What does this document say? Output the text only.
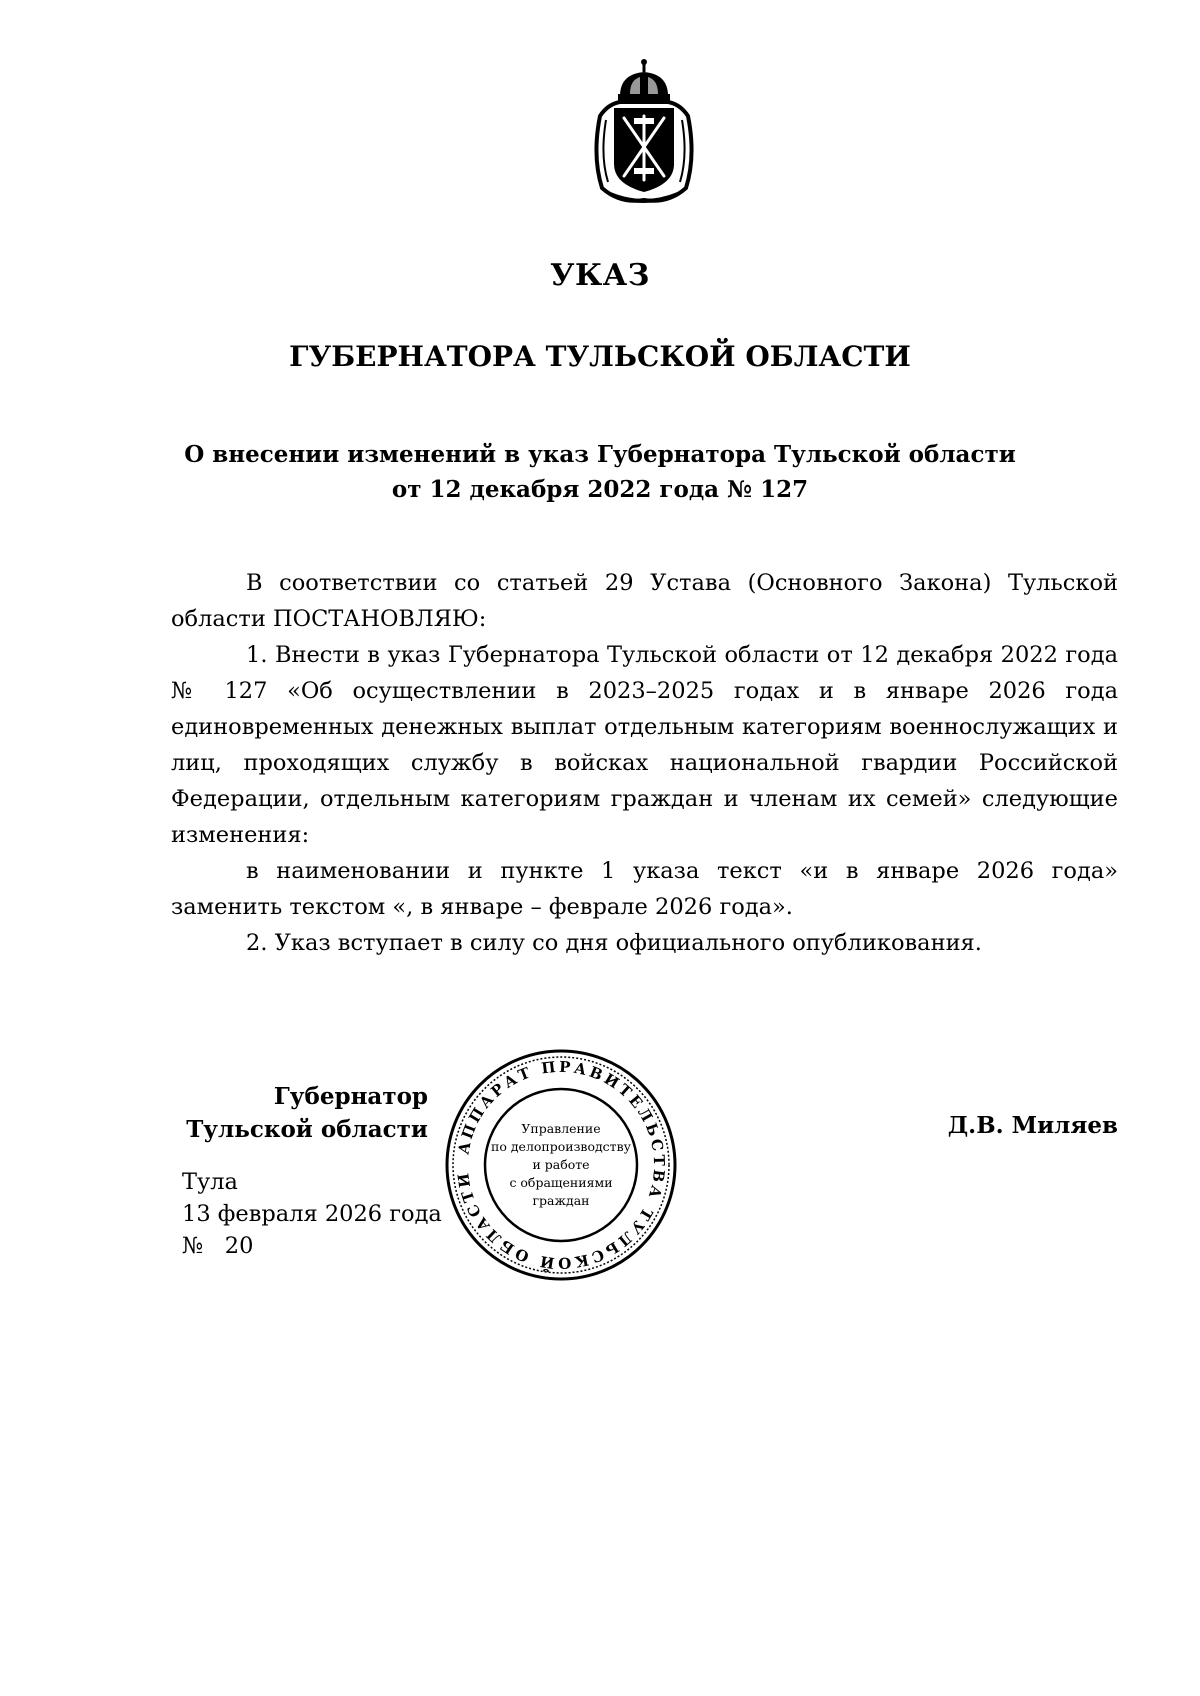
УКАЗ
ГУБЕРНАТОРА ТУЛЬСКОЙ ОБЛАСТИ
О внесении изменений в указ Губернатора Тульской области
от 12 декабря 2022 года № 127

В соответствии со статьей 29 Устава (Основного Закона) Тульской области ПОСТАНОВЛЯЮ:

1. Внести в указ Губернатора Тульской области от 12 декабря 2022 года № 127 «Об осуществлении в 2023–2025 годах и в январе 2026 года единовременных денежных выплат отдельным категориям военнослужащих и лиц, проходящих службу в войсках национальной гвардии Российской Федерации, отдельным категориям граждан и членам их семей» следующие изменения:

в наименовании и пункте 1 указа текст «и в январе 2026 года» заменить текстом «, в январе – феврале 2026 года».

2. Указ вступает в силу со дня официального опубликования.

Губернатор
Тульской области	Д.В. Миляев
Тула
13 февраля 2026 года
№   20
АППАРАТ ПРАВИТЕЛЬСТВА ТУЛЬСКОЙ ОБЛАСТИ
Управление
по делопроизводству
и работе
с обращениями
граждан
